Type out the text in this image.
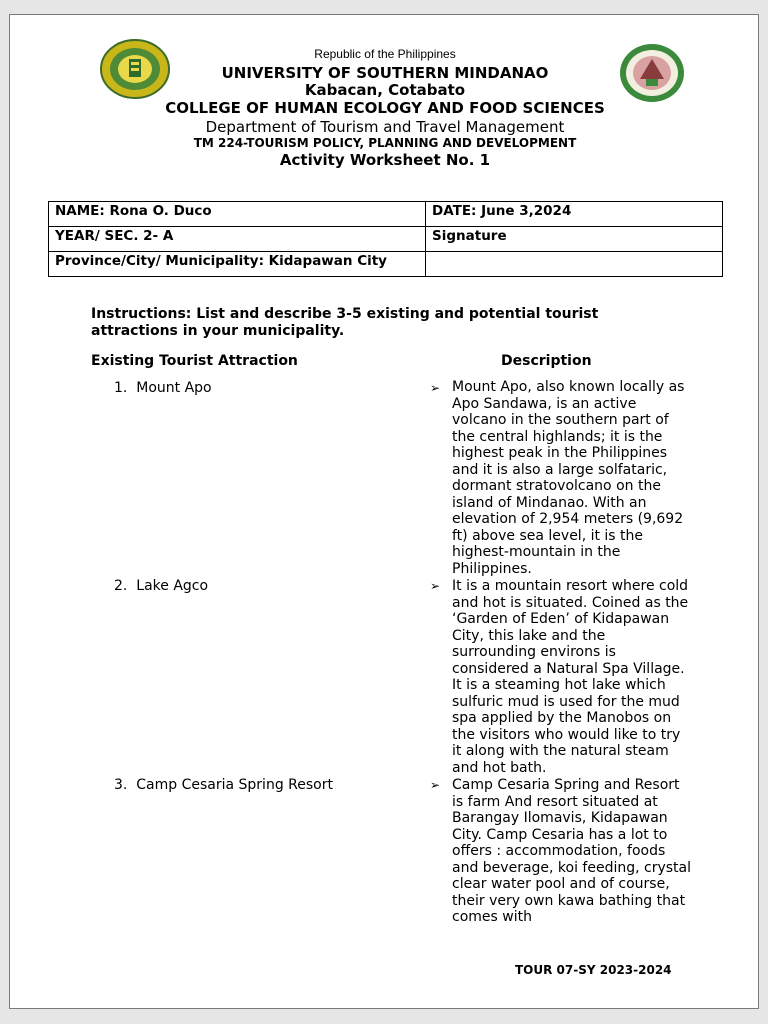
Republic of the Philippines
UNIVERSITY OF SOUTHERN MINDANAO
Kabacan, Cotabato
COLLEGE OF HUMAN ECOLOGY AND FOOD SCIENCES
Department of Tourism and Travel Management
TM 224-TOURISM POLICY, PLANNING AND DEVELOPMENT
Activity Worksheet No. 1
NAME: Rona O. Duco	DATE: June 3,2024
YEAR/ SEC. 2- A	Signature
Province/City/ Municipality: Kidapawan City	
Instructions: List and describe 3-5 existing and potential tourist attractions in your municipality.
Existing Tourist Attraction	Description
1. Mount Apo	➢ Mount Apo, also known locally as Apo Sandawa, is an active volcano in the southern part of the central highlands; it is the highest peak in the Philippines and it is also a large solfataric, dormant stratovolcano on the island of Mindanao. With an elevation of 2,954 meters (9,692 ft) above sea level, it is the highest-mountain in the Philippines.
2. Lake Agco	➢ It is a mountain resort where cold and hot is situated. Coined as the ‘Garden of Eden’ of Kidapawan City, this lake and the surrounding environs is considered a Natural Spa Village. It is a steaming hot lake which sulfuric mud is used for the mud spa applied by the Manobos on the visitors who would like to try it along with the natural steam and hot bath.
3. Camp Cesaria Spring Resort	➢ Camp Cesaria Spring and Resort is farm And resort situated at Barangay Ilomavis, Kidapawan City. Camp Cesaria has a lot to offers : accommodation, foods and beverage, koi feeding, crystal clear water pool and of course, their very own kawa bathing that comes with
TOUR 07-SY 2023-2024
